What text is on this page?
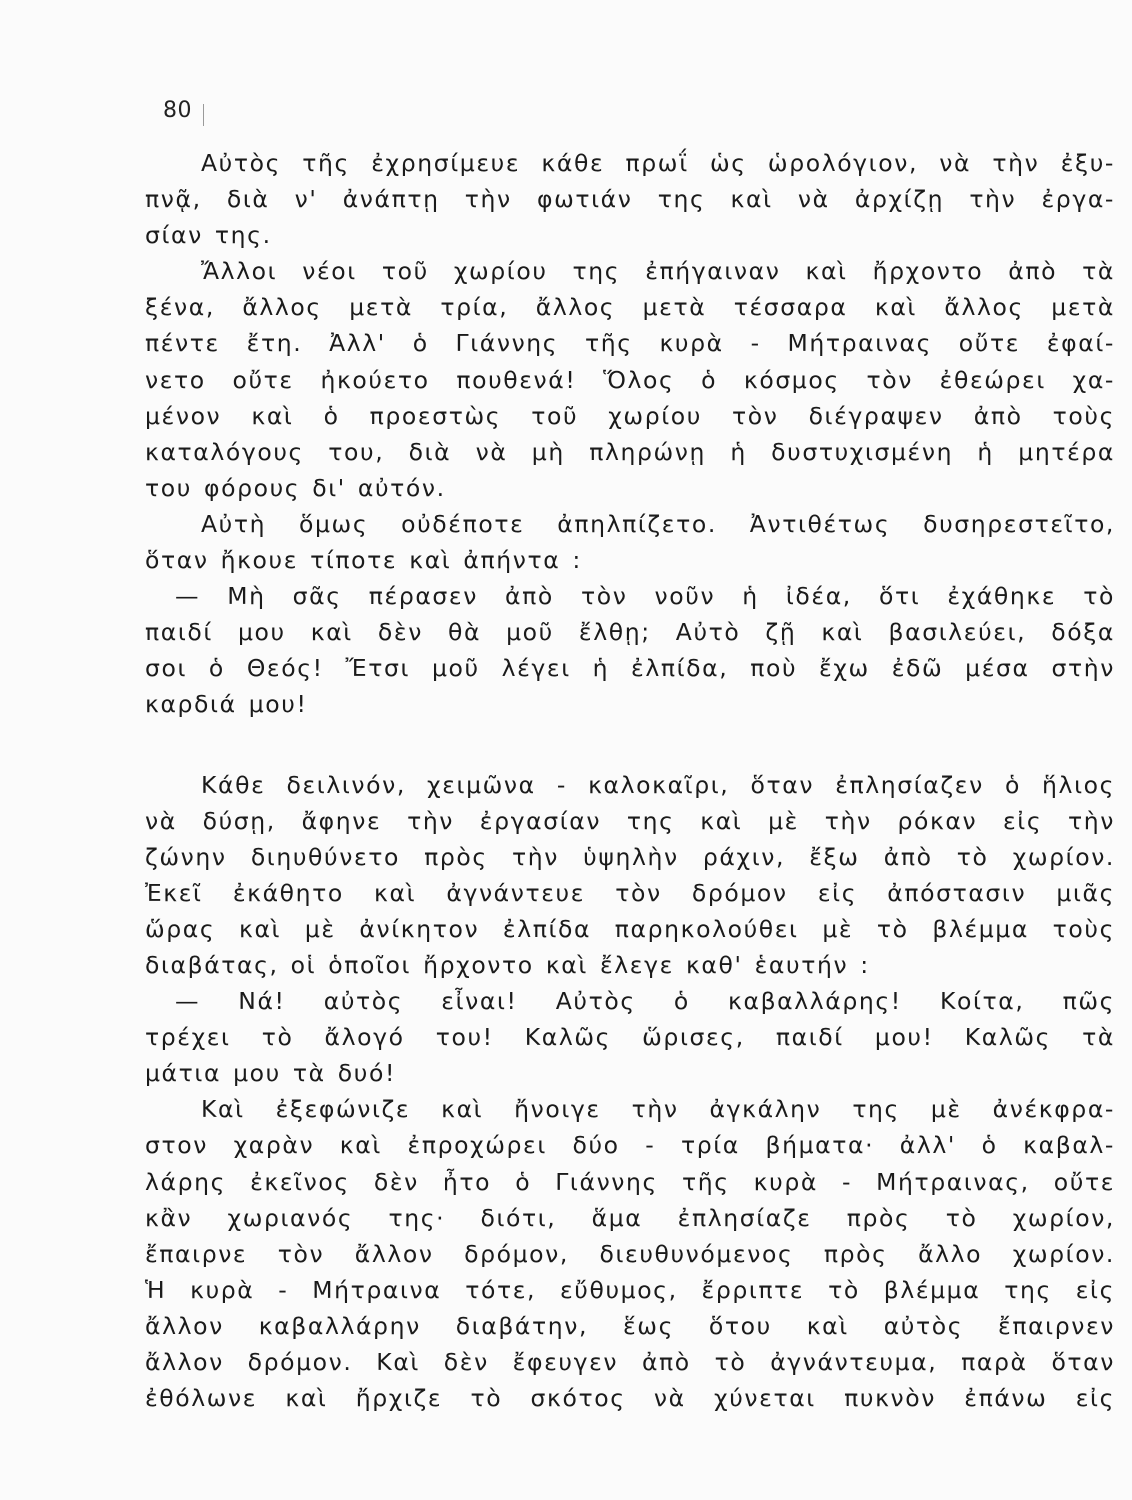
80
Αὐτὸς τῆς ἐχρησίμευε κάθε πρωΐ ὡς ὡρολόγιον, νὰ τὴν ἐξυ-
πνᾷ, διὰ ν' ἀνάπτῃ τὴν φωτιάν της καὶ νὰ ἀρχίζῃ τὴν ἐργα-
σίαν της.
Ἄλλοι νέοι τοῦ χωρίου της ἐπήγαιναν καὶ ἤρχοντο ἀπὸ τὰ
ξένα, ἄλλος μετὰ τρία, ἄλλος μετὰ τέσσαρα καὶ ἄλλος μετὰ
πέντε ἔτη. Ἀλλ' ὁ Γιάννης τῆς κυρὰ - Μήτραινας οὔτε ἐφαί-
νετο οὔτε ἠκούετο πουθενά! Ὅλος ὁ κόσμος τὸν ἐθεώρει χα-
μένον καὶ ὁ προεστὼς τοῦ χωρίου τὸν διέγραψεν ἀπὸ τοὺς
καταλόγους του, διὰ νὰ μὴ πληρώνῃ ἡ δυστυχισμένη ἡ μητέρα
του φόρους δι' αὐτόν.
Αὐτὴ ὅμως οὐδέποτε ἀπηλπίζετο. Ἀντιθέτως δυσηρεστεῖτο,
ὅταν ἤκουε τίποτε καὶ ἀπήντα :
— Μὴ σᾶς πέρασεν ἀπὸ τὸν νοῦν ἡ ἰδέα, ὅτι ἐχάθηκε τὸ
παιδί μου καὶ δὲν θὰ μοῦ ἔλθῃ; Αὐτὸ ζῇ καὶ βασιλεύει, δόξα
σοι ὁ Θεός! Ἔτσι μοῦ λέγει ἡ ἐλπίδα, ποὺ ἔχω ἐδῶ μέσα στὴν
καρδιά μου!
Κάθε δειλινόν, χειμῶνα - καλοκαῖρι, ὅταν ἐπλησίαζεν ὁ ἥλιος
νὰ δύσῃ, ἄφηνε τὴν ἐργασίαν της καὶ μὲ τὴν ρόκαν εἰς τὴν
ζώνην διηυθύνετο πρὸς τὴν ὑψηλὴν ράχιν, ἔξω ἀπὸ τὸ χωρίον.
Ἐκεῖ ἐκάθητο καὶ ἀγνάντευε τὸν δρόμον εἰς ἀπόστασιν μιᾶς
ὥρας καὶ μὲ ἀνίκητον ἐλπίδα παρηκολούθει μὲ τὸ βλέμμα τοὺς
διαβάτας, οἱ ὁποῖοι ἤρχοντο καὶ ἔλεγε καθ' ἑαυτήν :
— Νά! αὐτὸς εἶναι! Αὐτὸς ὁ καβαλλάρης! Κοίτα, πῶς
τρέχει τὸ ἄλογό του! Καλῶς ὥρισες, παιδί μου! Καλῶς τὰ
μάτια μου τὰ δυό!
Καὶ ἐξεφώνιζε καὶ ἤνοιγε τὴν ἀγκάλην της μὲ ἀνέκφρα-
στον χαρὰν καὶ ἐπροχώρει δύο - τρία βήματα· ἀλλ' ὁ καβαλ-
λάρης ἐκεῖνος δὲν ἦτο ὁ Γιάννης τῆς κυρὰ - Μήτραινας, οὔτε
κἂν χωριανός της· διότι, ἅμα ἐπλησίαζε πρὸς τὸ χωρίον,
ἔπαιρνε τὸν ἄλλον δρόμον, διευθυνόμενος πρὸς ἄλλο χωρίον.
Ἡ κυρὰ - Μήτραινα τότε, εὔθυμος, ἔρριπτε τὸ βλέμμα της εἰς
ἄλλον καβαλλάρην διαβάτην, ἕως ὅτου καὶ αὐτὸς ἔπαιρνεν
ἄλλον δρόμον. Καὶ δὲν ἔφευγεν ἀπὸ τὸ ἀγνάντευμα, παρὰ ὅταν
ἐθόλωνε καὶ ἤρχιζε τὸ σκότος νὰ χύνεται πυκνὸν ἐπάνω εἰς
